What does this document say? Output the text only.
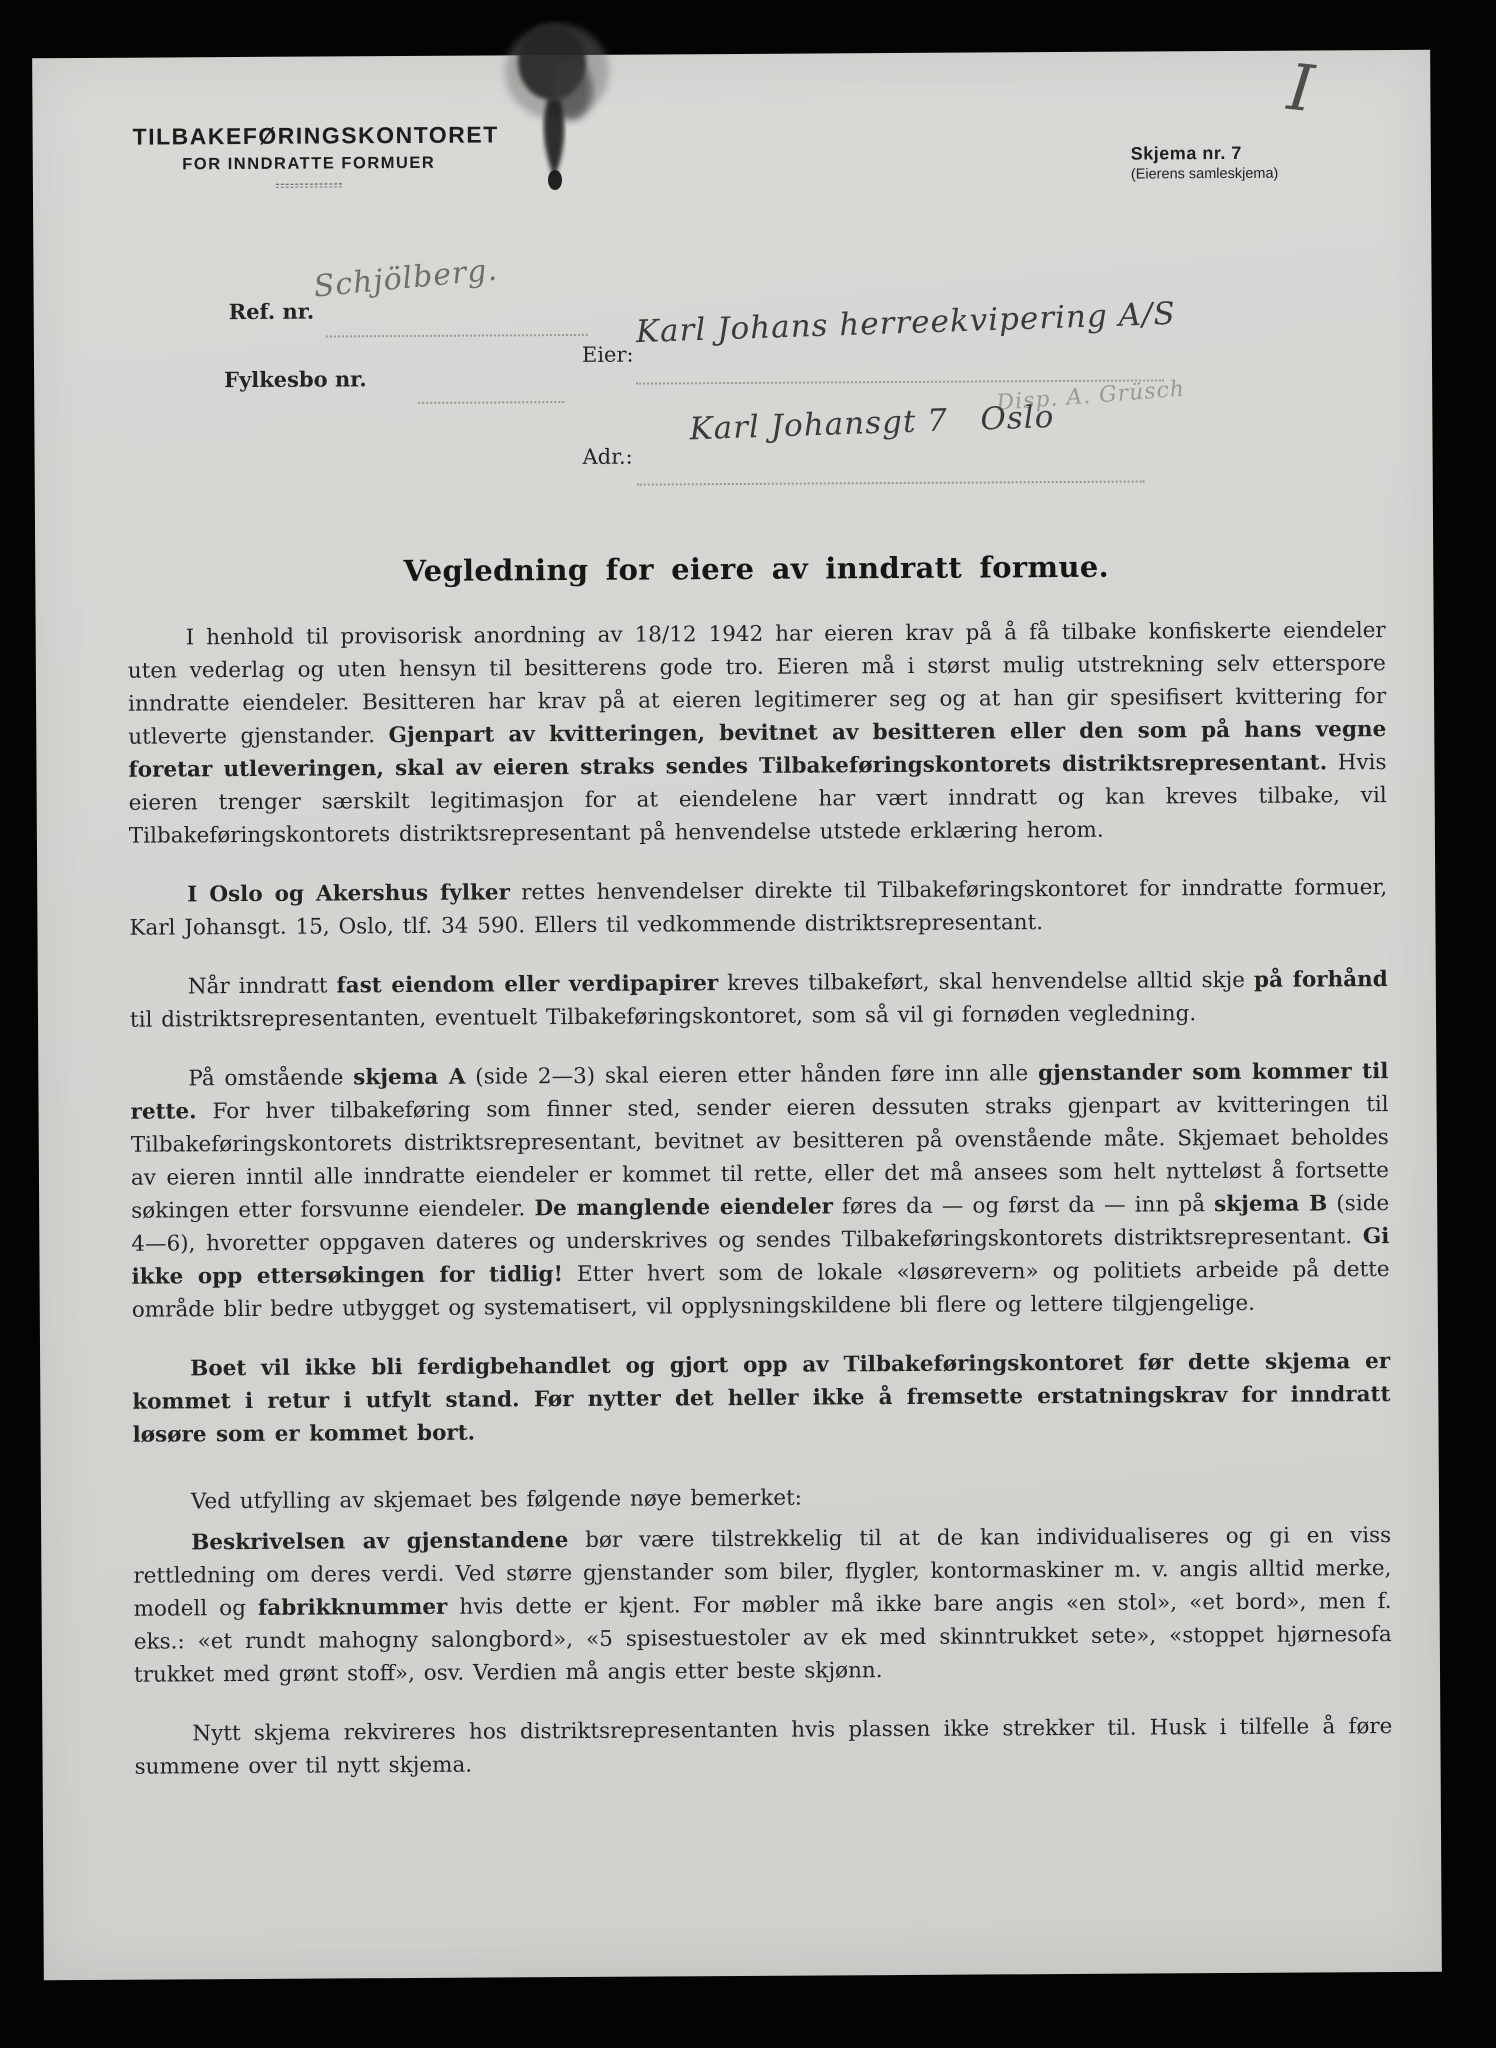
TILBAKEFØRINGSKONTORET
FOR INNDRATTE FORMUER
Skjema nr. 7
(Eierens samleskjema)
Ref. nr.
Schjölberg.
Fylkesbo nr.
Eier:
Karl Johans herreekvipering A/S
Disp. A. Grüsch
Adr.:
Karl Johansgt 7   Oslo
Vegledning for eiere av inndratt formue.

I henhold til provisorisk anordning av 18/12 1942 har eieren krav på å få tilbake konfiskerte eiendeler uten vederlag og uten hensyn til besitterens gode tro. Eieren må i størst mulig utstrekning selv etterspore inndratte eiendeler. Besitteren har krav på at eieren legitimerer seg og at han gir spesifisert kvittering for utleverte gjenstander. Gjenpart av kvitteringen, bevitnet av besitteren eller den som på hans vegne foretar utleveringen, skal av eieren straks sendes Tilbakeføringskontorets distriktsrepresentant. Hvis eieren trenger særskilt legitimasjon for at eiendelene har vært inndratt og kan kreves tilbake, vil Tilbakeføringskontorets distriktsrepresentant på henvendelse utstede erklæring herom.

I Oslo og Akershus fylker rettes henvendelser direkte til Tilbakeføringskontoret for inndratte formuer, Karl Johansgt. 15, Oslo, tlf. 34 590. Ellers til vedkommende distriktsrepresentant.

Når inndratt fast eiendom eller verdipapirer kreves tilbakeført, skal henvendelse alltid skje på forhånd til distriktsrepresentanten, eventuelt Tilbakeføringskontoret, som så vil gi fornøden vegledning.

På omstående skjema A (side 2—3) skal eieren etter hånden føre inn alle gjenstander som kommer til rette. For hver tilbakeføring som finner sted, sender eieren dessuten straks gjenpart av kvitteringen til Tilbakeføringskontorets distriktsrepresentant, bevitnet av besitteren på ovenstående måte. Skjemaet beholdes av eieren inntil alle inndratte eiendeler er kommet til rette, eller det må ansees som helt nytteløst å fortsette søkingen etter forsvunne eiendeler. De manglende eiendeler føres da — og først da — inn på skjema B (side 4—6), hvoretter oppgaven dateres og underskrives og sendes Tilbakeføringskontorets distriktsrepresentant. Gi ikke opp ettersøkingen for tidlig! Etter hvert som de lokale «løsørevern» og politiets arbeide på dette område blir bedre utbygget og systematisert, vil opplysningskildene bli flere og lettere tilgjengelige.

Boet vil ikke bli ferdigbehandlet og gjort opp av Tilbakeføringskontoret før dette skjema er kommet i retur i utfylt stand. Før nytter det heller ikke å fremsette erstatningskrav for inndratt løsøre som er kommet bort.

Ved utfylling av skjemaet bes følgende nøye bemerket:

Beskrivelsen av gjenstandene bør være tilstrekkelig til at de kan individualiseres og gi en viss rettledning om deres verdi. Ved større gjenstander som biler, flygler, kontormaskiner m. v. angis alltid merke, modell og fabrikknummer hvis dette er kjent. For møbler må ikke bare angis «en stol», «et bord», men f. eks.: «et rundt mahogny salongbord», «5 spisestuestoler av ek med skinntrukket sete», «stoppet hjørnesofa trukket med grønt stoff», osv. Verdien må angis etter beste skjønn.

Nytt skjema rekvireres hos distriktsrepresentanten hvis plassen ikke strekker til. Husk i tilfelle å føre summene over til nytt skjema.

I
